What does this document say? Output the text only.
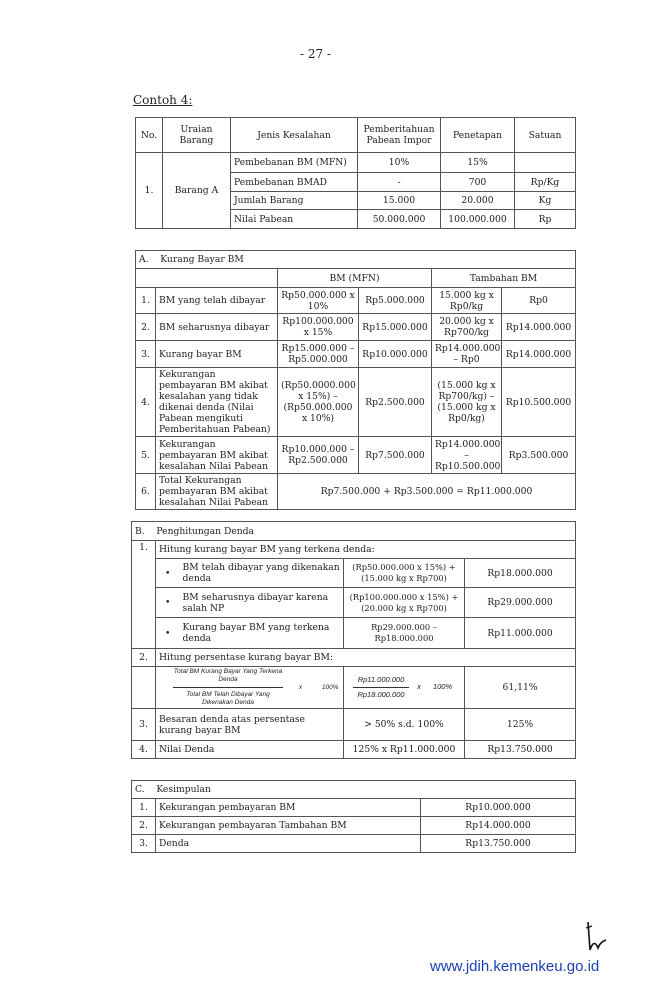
- 27 -
Contoh 4:
No.	Uraian Barang	Jenis Kesalahan	Pemberitahuan Pabean Impor	Penetapan	Satuan
1.	Barang A	Pembebanan BM (MFN)	10%	15%	
		Pembebanan BMAD	-	700	Rp/Kg
		Jumlah Barang	15.000	20.000	Kg
		Nilai Pabean	50.000.000	100.000.000	Rp
A. Kurang Bayar BM					
		BM (MFN)		Tambahan BM	
1.	BM yang telah dibayar	Rp50.000.000 x 10%	Rp5.000.000	15.000 kg x Rp0/kg	Rp0
2.	BM seharusnya dibayar	Rp100.000.000 x 15%	Rp15.000.000	20.000 kg x Rp700/kg	Rp14.000.000
3.	Kurang bayar BM	Rp15.000.000 – Rp5.000.000	Rp10.000.000	Rp14.000.000 – Rp0	Rp14.000.000
4.	Kekurangan pembayaran BM akibat kesalahan yang tidak dikenai denda (Nilai Pabean mengikuti Pemberitahuan Pabean)	(Rp50.0000.000 x 15%) – (Rp50.000.000 x 10%)	Rp2.500.000	(15.000 kg x Rp700/kg) – (15.000 kg x Rp0/kg)	Rp10.500.000
5.	Kekurangan pembayaran BM akibat kesalahan Nilai Pabean	Rp10.000.000 – Rp2.500.000	Rp7.500.000	Rp14.000.000 – Rp10.500.000	Rp3.500.000
6.	Total Kekurangan pembayaran BM akibat kesalahan Nilai Pabean	Rp7.500.000 + Rp3.500.000 = Rp11.000.000			
B. Penghitungan Denda				
1.	Hitung kurang bayar BM yang terkena denda:			
	•	BM telah dibayar yang dikenakan denda	(Rp50.000.000 x 15%) + (15.000 kg x Rp700)	Rp18.000.000
	•	BM seharusnya dibayar karena salah NP	(Rp100.000.000 x 15%) + (20.000 kg x Rp700)	Rp29.000.000
	•	Kurang bayar BM yang terkena denda	Rp29.000.000 – Rp18.000.000	Rp11.000.000
2.	Hitung persentase kurang bayar BM:			

	$\frac{\text{Total BM Kurang Bayar Yang Terkena Denda}}{\text{Total BM Telah Dibayar Yang Dikenakan Denda}}$ x 100%		$\frac{Rp11.000.000}{Rp18.000.000}$ x 100%	61,11%
3.	Besaran denda atas persentase kurang bayar BM		> 50% s.d. 100%	125%
4.	Nilai Denda		125% x Rp11.000.000	Rp13.750.000
C. Kesimpulan		
1.	Kekurangan pembayaran BM	Rp10.000.000
2.	Kekurangan pembayaran Tambahan BM	Rp14.000.000
3.	Denda	Rp13.750.000
www.jdih.kemenkeu.go.id
